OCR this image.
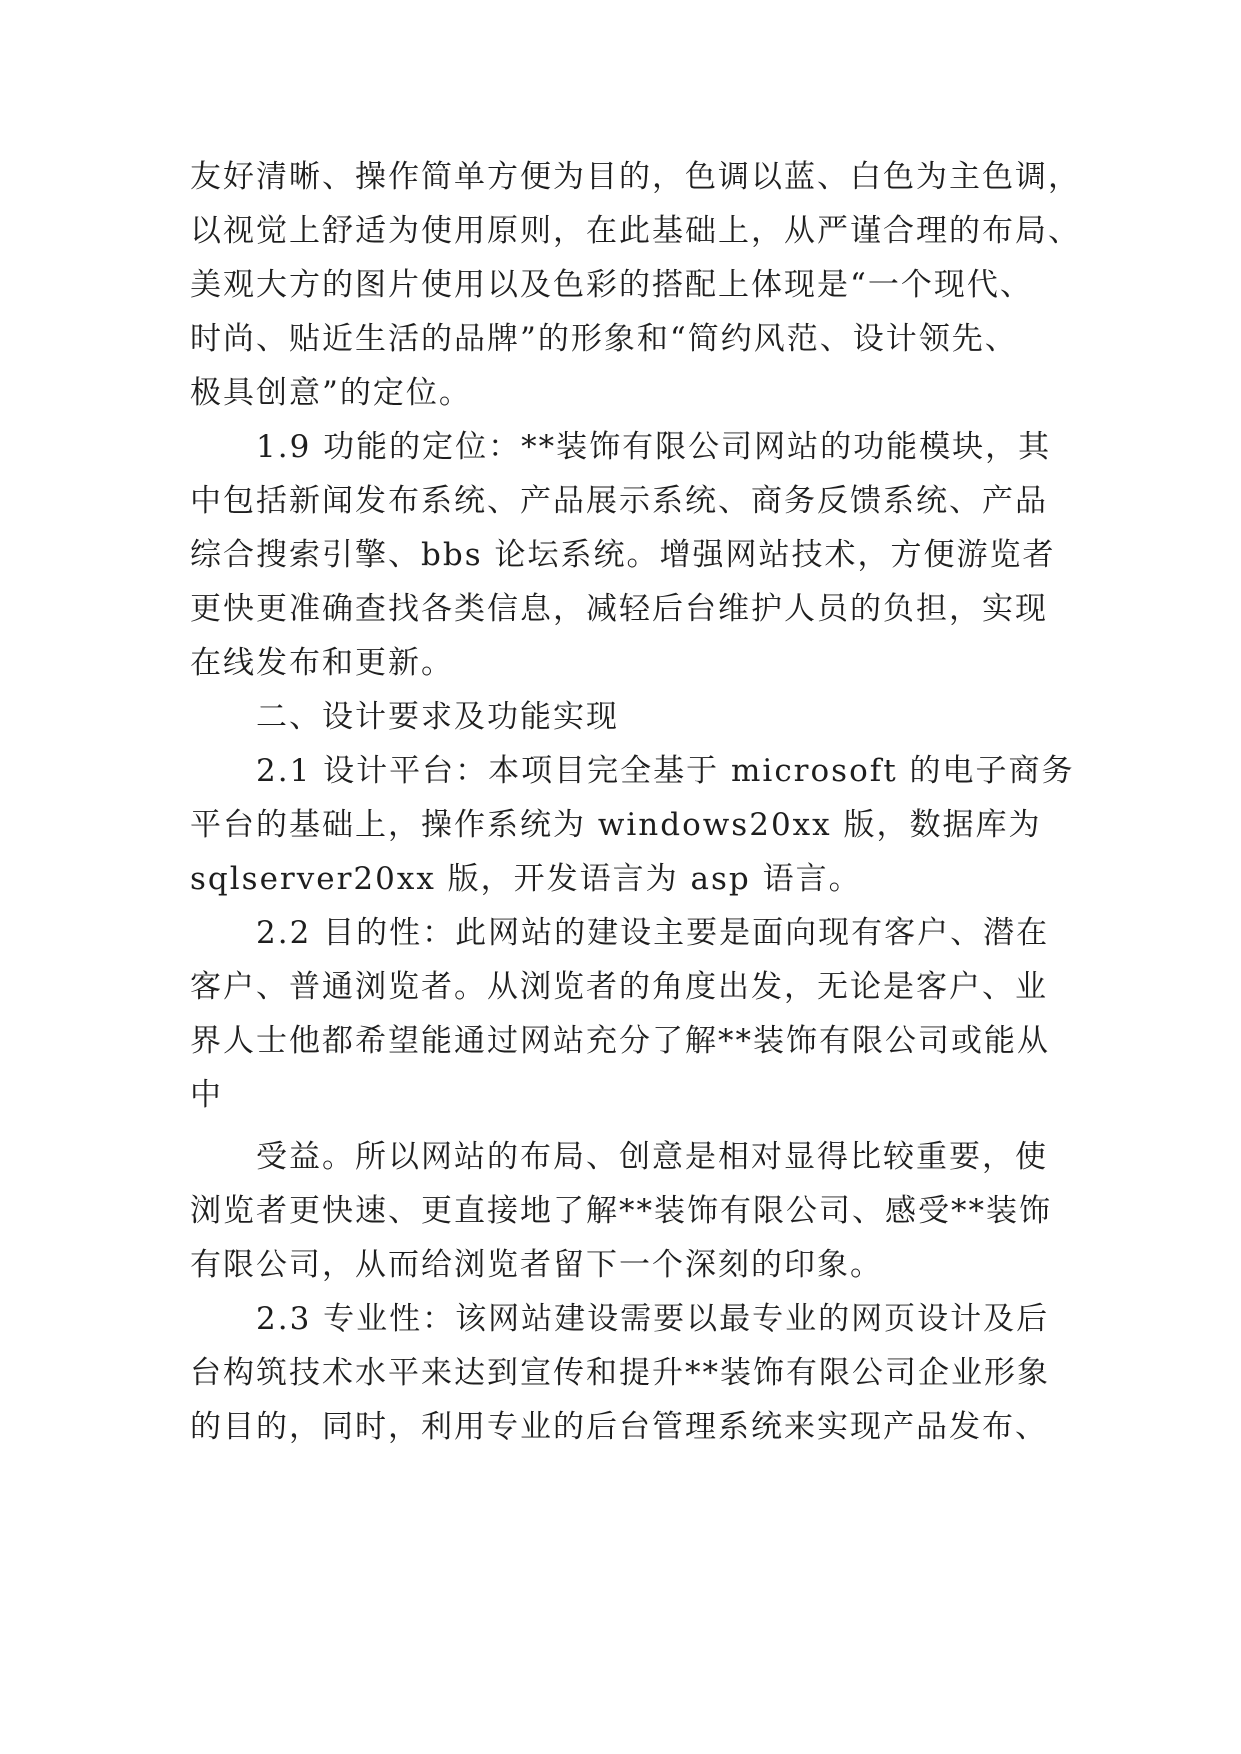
友好清晰、操作简单方便为目的，色调以蓝、白色为主色调，
以视觉上舒适为使用原则，在此基础上，从严谨合理的布局、
美观大方的图片使用以及色彩的搭配上体现是“一个现代、
时尚、贴近生活的品牌”的形象和“简约风范、设计领先、
极具创意”的定位。
1.9 功能的定位：**装饰有限公司网站的功能模块，其
中包括新闻发布系统、产品展示系统、商务反馈系统、产品
综合搜索引擎、bbs 论坛系统。增强网站技术，方便游览者
更快更准确查找各类信息，减轻后台维护人员的负担，实现
在线发布和更新。
二、设计要求及功能实现
2.1 设计平台：本项目完全基于 microsoft 的电子商务
平台的基础上，操作系统为 windows20xx 版，数据库为
sqlserver20xx 版，开发语言为 asp 语言。
2.2 目的性：此网站的建设主要是面向现有客户、潜在
客户、普通浏览者。从浏览者的角度出发，无论是客户、业
界人士他都希望能通过网站充分了解**装饰有限公司或能从
中
受益。所以网站的布局、创意是相对显得比较重要，使
浏览者更快速、更直接地了解**装饰有限公司、感受**装饰
有限公司，从而给浏览者留下一个深刻的印象。
2.3 专业性：该网站建设需要以最专业的网页设计及后
台构筑技术水平来达到宣传和提升**装饰有限公司企业形象
的目的，同时，利用专业的后台管理系统来实现产品发布、
